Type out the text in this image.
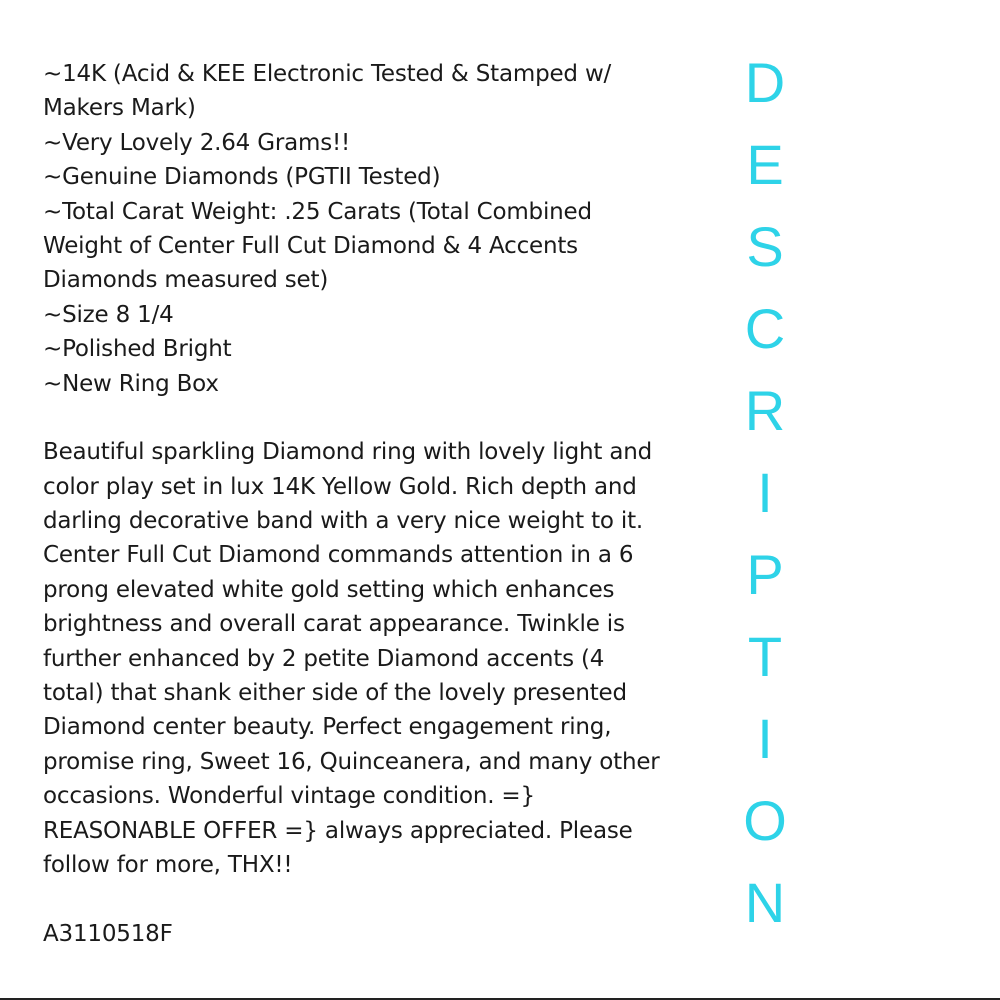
~14K (Acid & KEE Electronic Tested & Stamped w/
Makers Mark)
~Very Lovely 2.64 Grams!!
~Genuine Diamonds (PGTII Tested)
~Total Carat Weight: .25 Carats (Total Combined
Weight of Center Full Cut Diamond & 4 Accents
Diamonds measured set)
~Size 8 1/4
~Polished Bright
~New Ring Box
Beautiful sparkling Diamond ring with lovely light and
color play set in lux 14K Yellow Gold. Rich depth and
darling decorative band with a very nice weight to it.
Center Full Cut Diamond commands attention in a 6
prong elevated white gold setting which enhances
brightness and overall carat appearance. Twinkle is
further enhanced by 2 petite Diamond accents (4
total) that shank either side of the lovely presented
Diamond center beauty. Perfect engagement ring,
promise ring, Sweet 16, Quinceanera, and many other
occasions. Wonderful vintage condition. =}
REASONABLE OFFER =} always appreciated. Please
follow for more, THX!!
A3110518F
D
E
S
C
R
I
P
T
I
O
N
